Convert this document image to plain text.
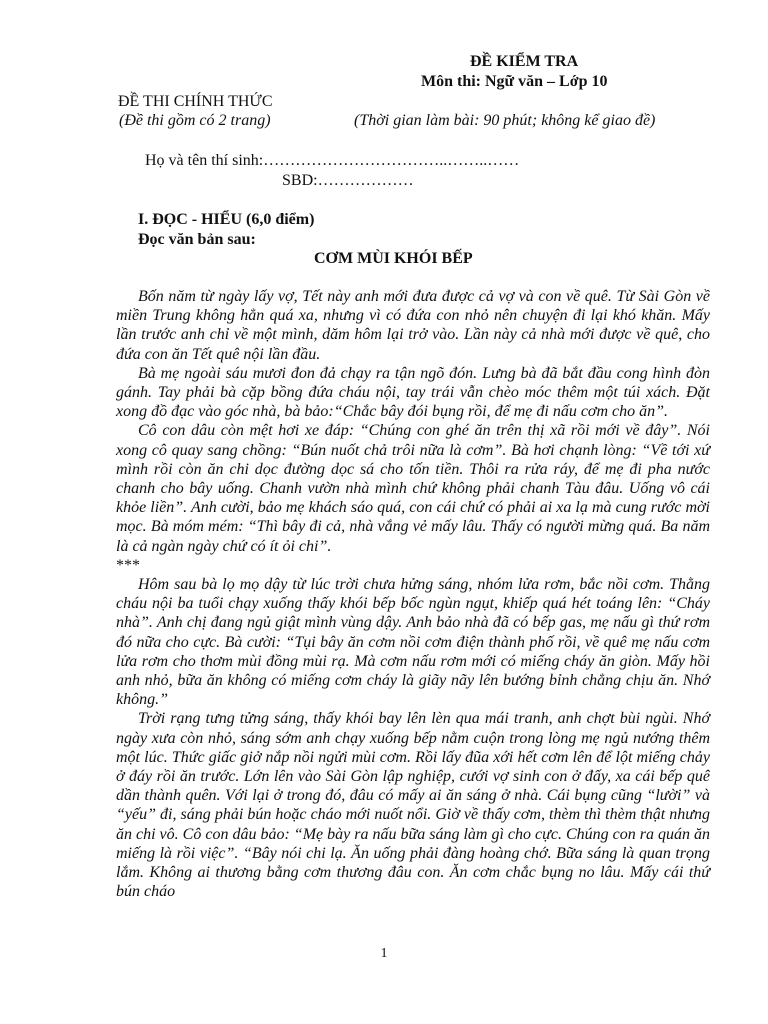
ĐỀ KIỂM TRA
Môn thi: Ngữ văn – Lớp 10
ĐỀ THI CHÍNH THỨC
(Đề thi gồm có 2 trang)	(Thời gian làm bài: 90 phút; không kể giao đề)
Họ và tên thí sinh:……………………………..……..……
SBD:………………
I. ĐỌC - HIỂU (6,0 điểm)
Đọc văn bản sau:
CƠM MÙI KHÓI BẾP

Bốn năm từ ngày lấy vợ, Tết này anh mới đưa được cả vợ và con về quê. Từ Sài Gòn về miền Trung không hẳn quá xa, nhưng vì có đứa con nhỏ nên chuyện đi lại khó khăn. Mấy lần trước anh chỉ về một mình, dăm hôm lại trở vào. Lần này cả nhà mới được về quê, cho đứa con ăn Tết quê nội lần đầu.

Bà mẹ ngoài sáu mươi đon đả chạy ra tận ngõ đón. Lưng bà đã bắt đầu cong hình đòn gánh. Tay phải bà cặp bồng đứa cháu nội, tay trái vẫn chèo móc thêm một túi xách. Đặt xong đồ đạc vào góc nhà, bà bảo:“Chắc bây đói bụng rồi, để mẹ đi nấu cơm cho ăn”.

Cô con dâu còn mệt hơi xe đáp: “Chúng con ghé ăn trên thị xã rồi mới về đây”. Nói xong cô quay sang chồng: “Bún nuốt chả trôi nữa là cơm”. Bà hơi chạnh lòng: “Về tới xứ mình rồi còn ăn chi dọc đường dọc sá cho tốn tiền. Thôi ra rửa ráy, để mẹ đi pha nước chanh cho bây uống. Chanh vườn nhà mình chứ không phải chanh Tàu đâu. Uống vô cái khỏe liền”. Anh cười, bảo mẹ khách sáo quá, con cái chứ có phải ai xa lạ mà cung rước mời mọc. Bà móm mém: “Thì bây đi cả, nhà vắng vẻ mấy lâu. Thấy có người mừng quá. Ba năm là cả ngàn ngày chứ có ít ỏi chi”.

***

Hôm sau bà lọ mọ dậy từ lúc trời chưa hửng sáng, nhóm lửa rơm, bắc nồi cơm. Thằng cháu nội ba tuổi chạy xuống thấy khói bếp bốc ngùn ngụt, khiếp quá hét toáng lên: “Cháy nhà”. Anh chị đang ngủ giật mình vùng dậy. Anh bảo nhà đã có bếp gas, mẹ nấu gì thứ rơm đó nữa cho cực. Bà cười: “Tụi bây ăn cơm nồi cơm điện thành phố rồi, về quê mẹ nấu cơm lửa rơm cho thơm mùi đồng mùi rạ. Mà cơm nấu rơm mới có miếng cháy ăn giòn. Mấy hồi anh nhỏ, bữa ăn không có miếng cơm cháy là giãy nãy lên bướng bỉnh chẳng chịu ăn. Nhớ không.”

Trời rạng tưng tửng sáng, thấy khói bay lên lèn qua mái tranh, anh chợt bùi ngùi. Nhớ ngày xưa còn nhỏ, sáng sớm anh chạy xuống bếp nằm cuộn trong lòng mẹ ngủ nướng thêm một lúc. Thức giấc giở nắp nồi ngửi mùi cơm. Rồi lấy đũa xới hết cơm lên để lột miếng chảy ở đáy rồi ăn trước. Lớn lên vào Sài Gòn lập nghiệp, cưới vợ sinh con ở đấy, xa cái bếp quê dần thành quên. Với lại ở trong đó, đâu có mấy ai ăn sáng ở nhà. Cái bụng cũng “lười” và “yếu” đi, sáng phải bún hoặc cháo mới nuốt nổi. Giờ về thấy cơm, thèm thì thèm thật nhưng ăn chi vô. Cô con dâu bảo: “Mẹ bày ra nấu bữa sáng làm gì cho cực. Chúng con ra quán ăn miếng là rồi việc”. “Bây nói chi lạ. Ăn uống phải đàng hoàng chớ. Bữa sáng là quan trọng lắm. Không ai thương bằng cơm thương đâu con. Ăn cơm chắc bụng no lâu. Mấy cái thứ bún cháo

1
